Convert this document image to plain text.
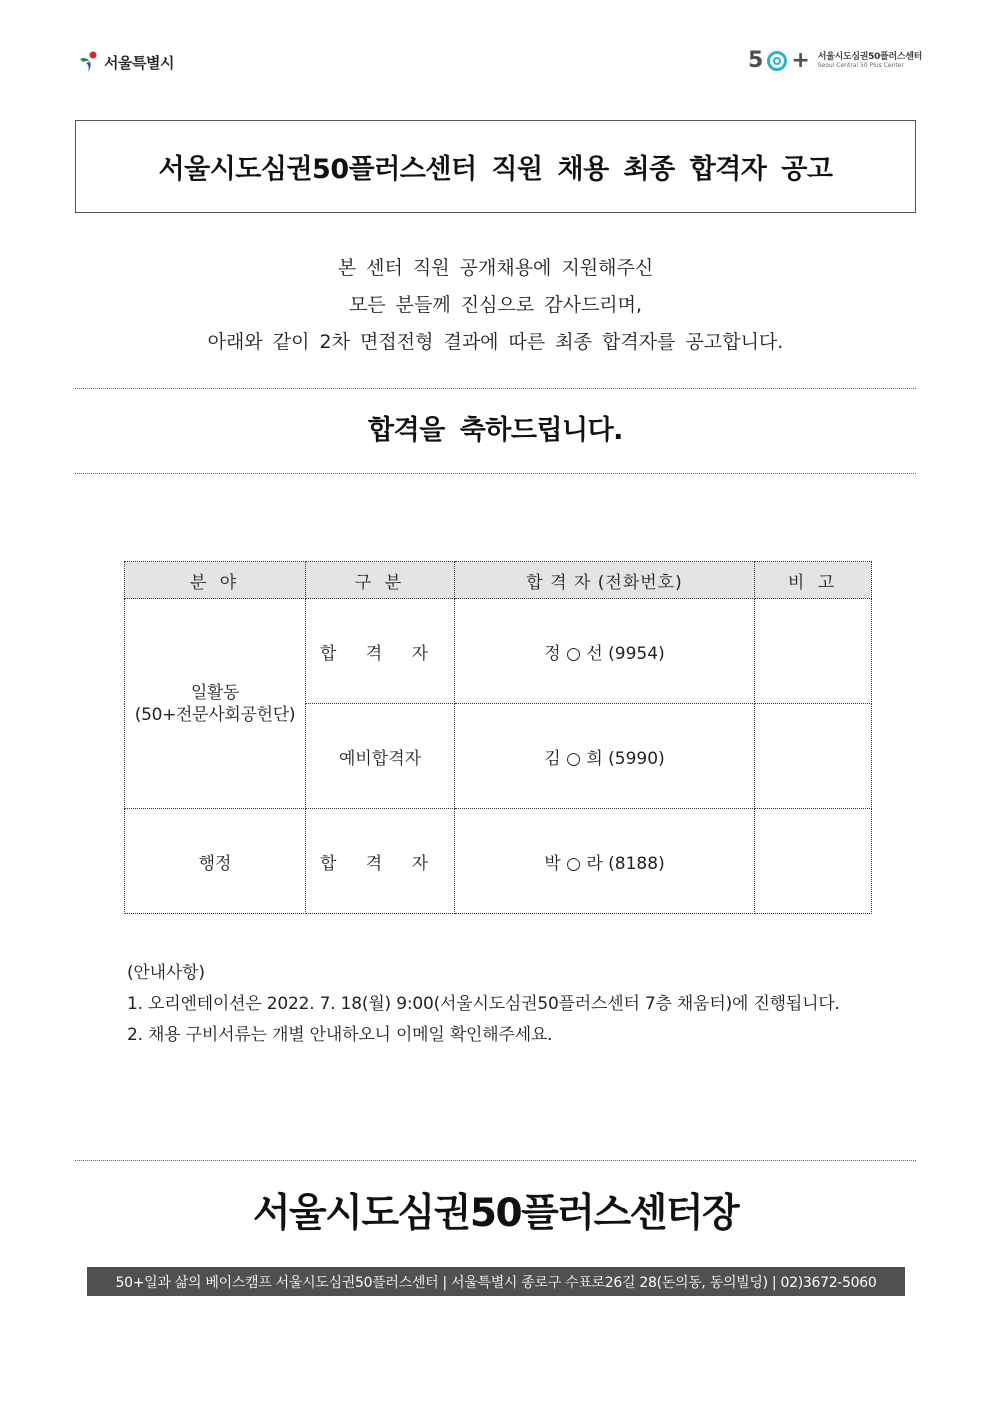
서울특별시	5 + 서울시도심권50플러스센터
Seoul Central 50 Plus Center
서울시도심권50플러스센터 직원 채용 최종 합격자 공고
본 센터 직원 공개채용에 지원해주신
모든 분들께 진심으로 감사드리며,
아래와 같이 2차 면접전형 결과에 따른 최종 합격자를 공고합니다.
합격을 축하드립니다.
분 야	구 분	합 격 자 (전화번호)	비 고

일활동
(50+전문사회공헌단)	합 격 자	정 ○ 선 (9954)	
	예비합격자	김 ○ 희 (5990)	
행정	합 격 자	박 ○ 라 (8188)	
(안내사항)
1. 오리엔테이션은 2022. 7. 18(월) 9:00(서울시도심권50플러스센터 7층 채움터)에 진행됩니다.
2. 채용 구비서류는 개별 안내하오니 이메일 확인해주세요.
서울시도심권50플러스센터장
50+일과 삶의 베이스캠프 서울시도심권50플러스센터 | 서울특별시 종로구 수표로26길 28(돈의동, 동의빌딩) | 02)3672-5060
